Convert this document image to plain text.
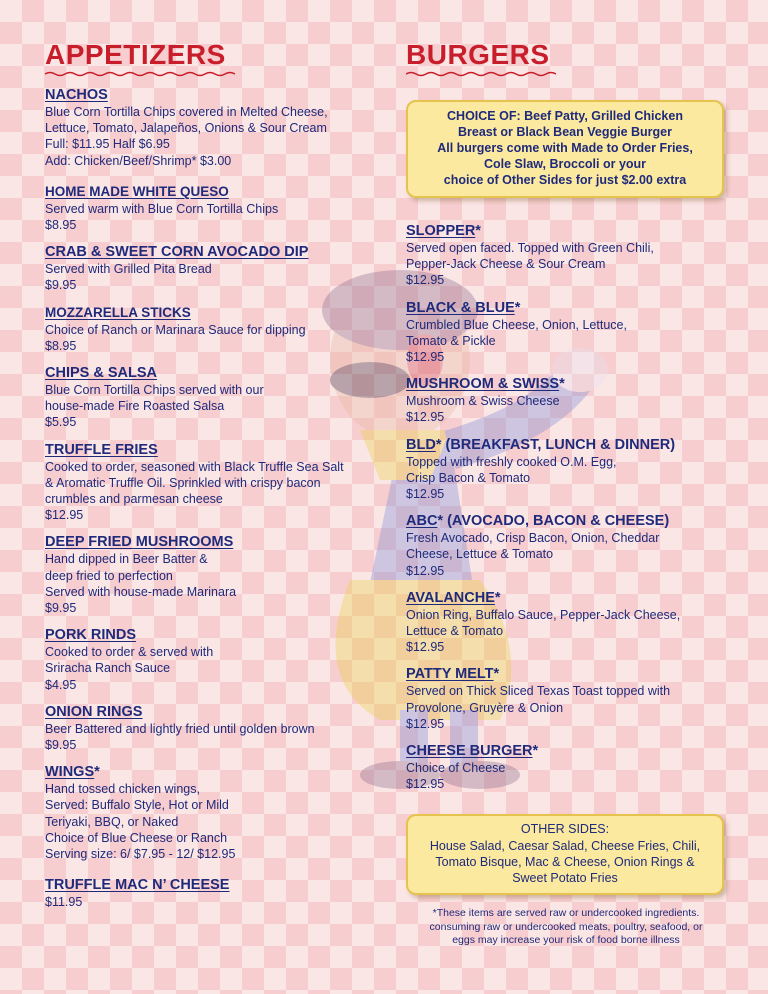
APPETIZERS
NACHOS
Blue Corn Tortilla Chips covered in Melted Cheese,
Lettuce, Tomato, Jalapeños, Onions & Sour Cream
Full: $11.95 Half $6.95
Add: Chicken/Beef/Shrimp* $3.00
HOME MADE WHITE QUESO
Served warm with Blue Corn Tortilla Chips
$8.95
CRAB & SWEET CORN AVOCADO DIP
Served with Grilled Pita Bread
$9.95
MOZZARELLA STICKS
Choice of Ranch or Marinara Sauce for dipping
$8.95
CHIPS & SALSA
Blue Corn Tortilla Chips served with our
house-made Fire Roasted Salsa
$5.95
TRUFFLE FRIES
Cooked to order, seasoned with Black Truffle Sea Salt
& Aromatic Truffle Oil. Sprinkled with crispy bacon
crumbles and parmesan cheese
$12.95
DEEP FRIED MUSHROOMS
Hand dipped in Beer Batter &
deep fried to perfection
Served with house-made Marinara
$9.95
PORK RINDS
Cooked to order & served with
Sriracha Ranch Sauce
$4.95
ONION RINGS
Beer Battered and lightly fried until golden brown
$9.95
WINGS*
Hand tossed chicken wings,
Served: Buffalo Style, Hot or Mild
Teriyaki, BBQ, or Naked
Choice of Blue Cheese or Ranch
Serving size: 6/ $7.95 - 12/ $12.95
TRUFFLE MAC N’ CHEESE
$11.95
BURGERS
CHOICE OF: Beef Patty, Grilled Chicken
Breast or Black Bean Veggie Burger
All burgers come with Made to Order Fries,
Cole Slaw, Broccoli or your
choice of Other Sides for just $2.00 extra
SLOPPER*
Served open faced. Topped with Green Chili,
Pepper-Jack Cheese & Sour Cream
$12.95
BLACK & BLUE*
Crumbled Blue Cheese, Onion, Lettuce,
Tomato & Pickle
$12.95
MUSHROOM & SWISS*
Mushroom & Swiss Cheese
$12.95
BLD* (BREAKFAST, LUNCH & DINNER)
Topped with freshly cooked O.M. Egg,
Crisp Bacon & Tomato
$12.95
ABC* (AVOCADO, BACON & CHEESE)
Fresh Avocado, Crisp Bacon, Onion, Cheddar
Cheese, Lettuce & Tomato
$12.95
AVALANCHE*
Onion Ring, Buffalo Sauce, Pepper-Jack Cheese,
Lettuce & Tomato
$12.95
PATTY MELT*
Served on Thick Sliced Texas Toast topped with
Provolone, Gruyère & Onion
$12.95
CHEESE BURGER*
Choice of Cheese
$12.95
OTHER SIDES:
House Salad, Caesar Salad, Cheese Fries, Chili,
Tomato Bisque, Mac & Cheese, Onion Rings &
Sweet Potato Fries
*These items are served raw or undercooked ingredients.
consuming raw or undercooked meats, poultry, seafood, or
eggs may increase your risk of food borne illness
